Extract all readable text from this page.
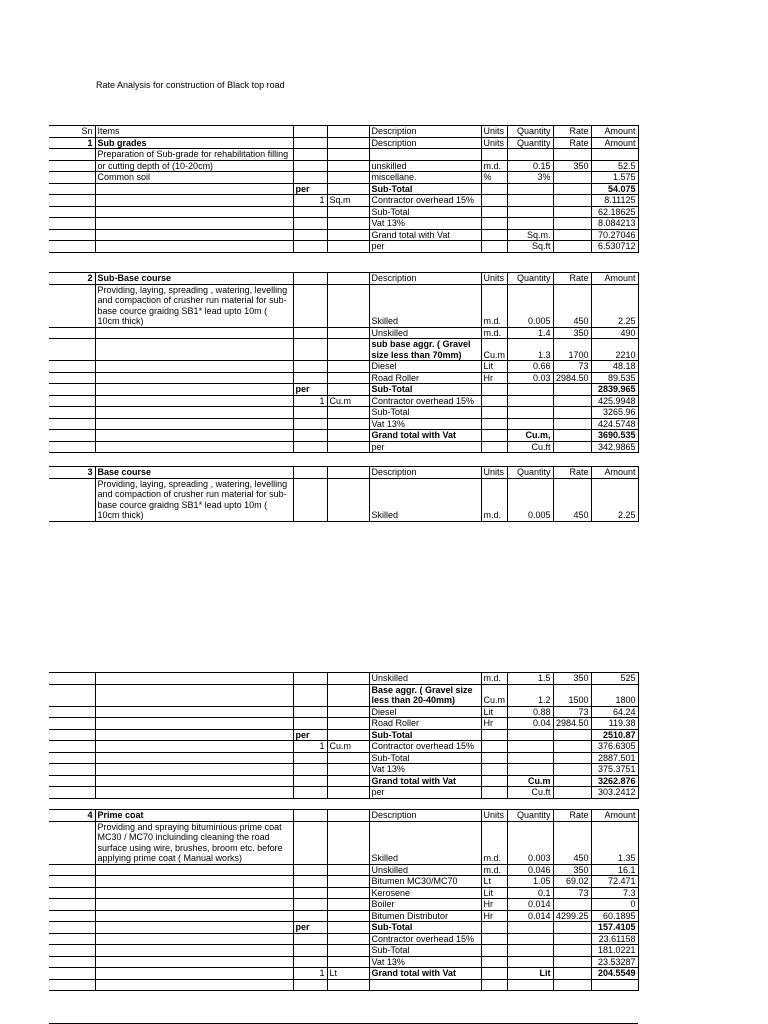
Rate Analysis for construction of Black top road
Sn	Items			Description	Units	Quantity	Rate	Amount
1	Sub grades			Description	Units	Quantity	Rate	Amount
	Preparation of Sub-grade for rehabilitation filling							
	or cutting depth of (10-20cm)			unskilled	m.d.	0.15	350	52.5
	Common soil			miscellane.	%	3%		1.575
		per		Sub-Total				54.075

		1	Sq.m	Contractor overhead 15%				8.11125
				Sub-Total				62.18625
				Vat 13%				8.084213
				Grand total with Vat		Sq.m.		70.27046
				per		Sq.ft		6.530712
2	Sub-Base course			Description	Units	Quantity	Rate	Amount
	Providing, laying, spreading , watering, levelling and compaction of crusher run material for sub-base cource graidng SB1* lead upto 10m ( 10cm thick)			Skilled	m.d.	0.005	450	2.25
				Unskilled	m.d.	1.4	350	490
				sub base aggr. ( Gravel size less than 70mm)	Cu.m	1.3	1700	2210
				Diesel	Lit	0.66	73	48.18
				Road Roller	Hr	0.03	2984.50	89.535
		per		Sub-Total				2839.965

		1	Cu.m	Contractor overhead 15%				425.9948
				Sub-Total				3265.96
				Vat 13%				424.5748
				Grand total with Vat		Cu.m,		3690.535
				per		Cu.ft		342.9865
3	Base course			Description	Units	Quantity	Rate	Amount
	Providing, laying, spreading , watering, levelling and compaction of crusher run material for sub-base cource graidng SB1* lead upto 10m ( 10cm thick)			Skilled	m.d.	0.005	450	2.25
				Unskilled	m.d.	1.5	350	525
				Base aggr. ( Gravel size less than 20-40mm)	Cu.m	1.2	1500	1800
				Diesel	Lit	0.88	73	64.24
				Road Roller	Hr	0.04	2984.50	119.38
		per		Sub-Total				2510.87

		1	Cu.m	Contractor overhead 15%				376.6305
				Sub-Total				2887.501
				Vat 13%				375.3751
				Grand total with Vat		Cu.m		3262.876
				per		Cu.ft		303.2412
4	Prime coat			Description	Units	Quantity	Rate	Amount
	Providing and spraying bituminious prime coat MC30 / MC70 incluinding cleaning the road surface using wire, brushes, broom etc. before applying prime coat ( Manual works)			Skilled	m.d.	0.003	450	1.35
				Unskilled	m.d.	0.046	350	16.1
				Bitumen MC30/MC70	Lt	1.05	69.02	72.471
				Kerosene	Lit	0.1	73	7.3
				Boiler	Hr	0.014		0
				Bitumen Distributor	Hr	0.014	4299.25	60.1895
		per		Sub-Total				157.4105
				Contractor overhead 15%				23.61158
				Sub-Total				181.0221
				Vat 13%				23.53287

		1	Lt	Grand total with Vat		Lit		204.5549
